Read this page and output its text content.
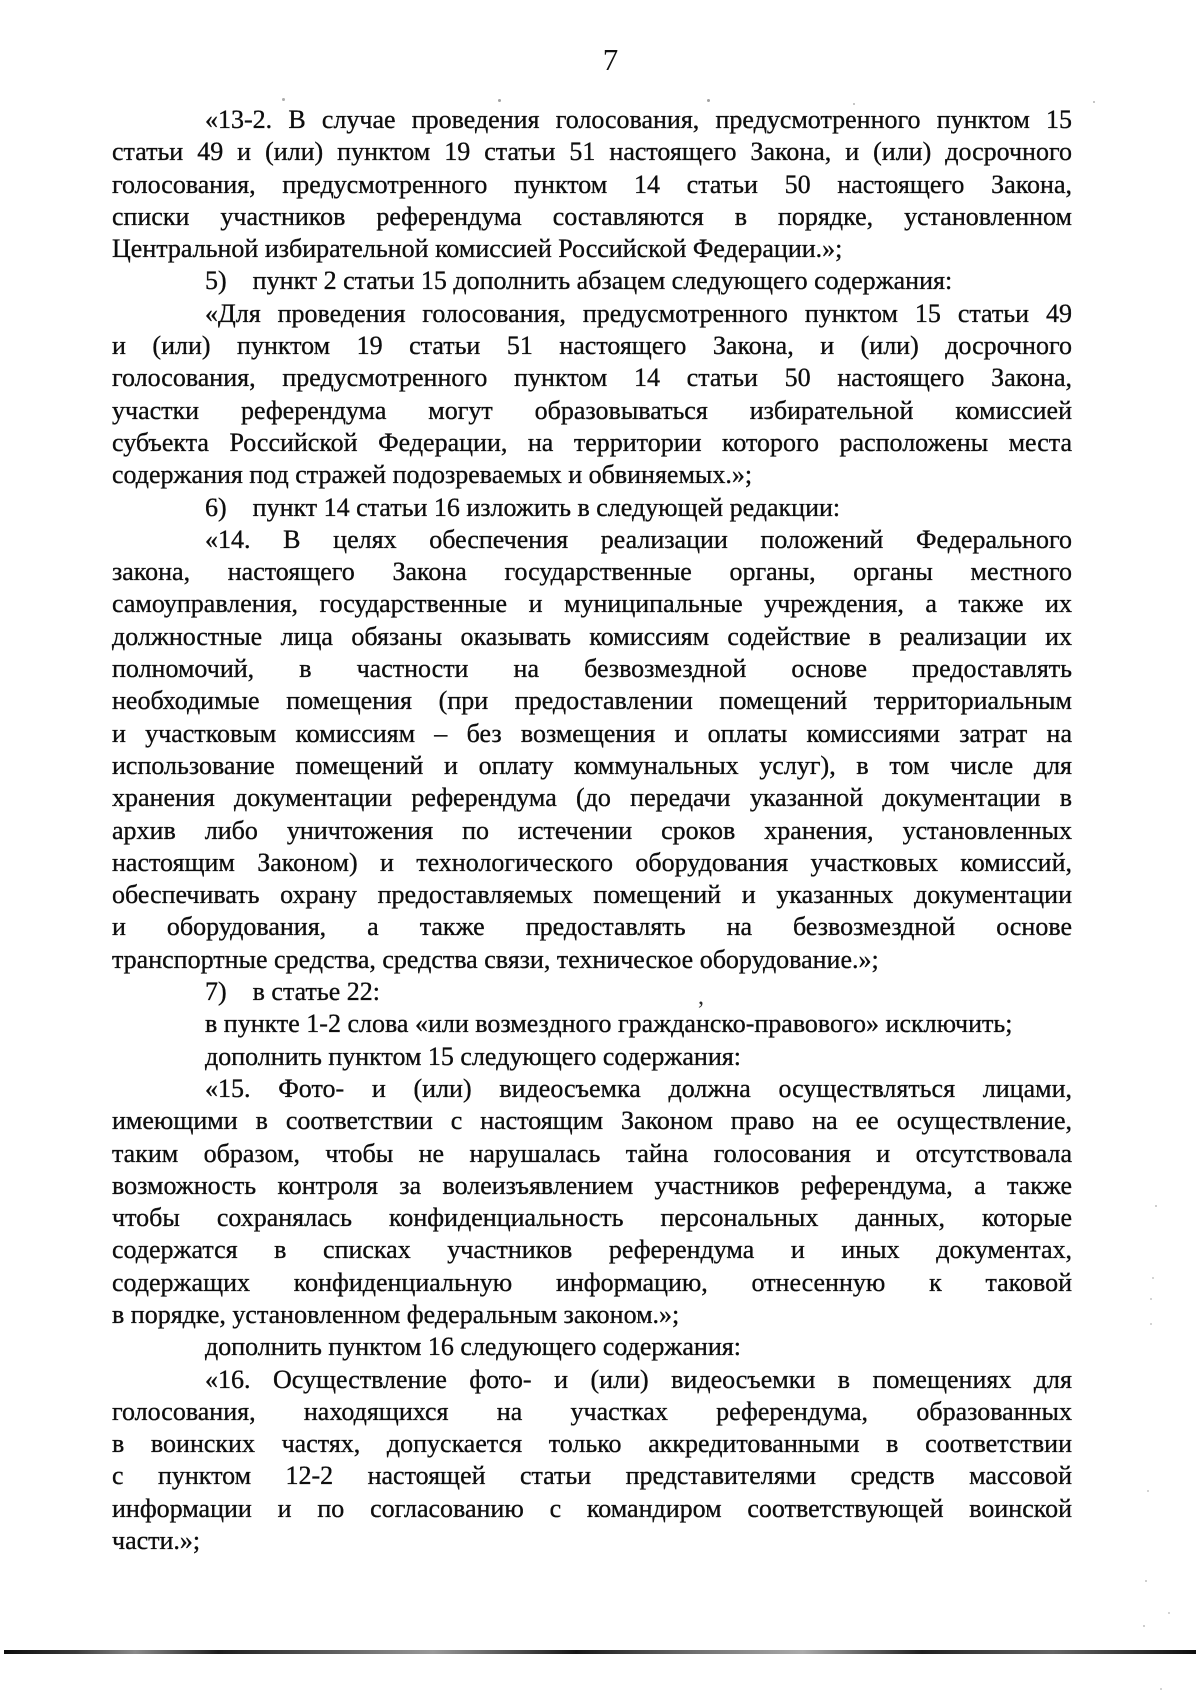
7
«13-2. В случае проведения голосования, предусмотренного пунктом 15
статьи 49 и (или) пунктом 19 статьи 51 настоящего Закона, и (или) досрочного
голосования, предусмотренного пунктом 14 статьи 50 настоящего Закона,
списки участников референдума составляются в порядке, установленном
Центральной избирательной комиссией Российской Федерации.»;
5) пункт 2 статьи 15 дополнить абзацем следующего содержания:
«Для проведения голосования, предусмотренного пунктом 15 статьи 49
и (или) пунктом 19 статьи 51 настоящего Закона, и (или) досрочного
голосования, предусмотренного пунктом 14 статьи 50 настоящего Закона,
участки референдума могут образовываться избирательной комиссией
субъекта Российской Федерации, на территории которого расположены места
содержания под стражей подозреваемых и обвиняемых.»;
6) пункт 14 статьи 16 изложить в следующей редакции:
«14. В целях обеспечения реализации положений Федерального
закона, настоящего Закона государственные органы, органы местного
самоуправления, государственные и муниципальные учреждения, а также их
должностные лица обязаны оказывать комиссиям содействие в реализации их
полномочий, в частности на безвозмездной основе предоставлять
необходимые помещения (при предоставлении помещений территориальным
и участковым комиссиям – без возмещения и оплаты комиссиями затрат на
использование помещений и оплату коммунальных услуг), в том числе для
хранения документации референдума (до передачи указанной документации в
архив либо уничтожения по истечении сроков хранения, установленных
настоящим Законом) и технологического оборудования участковых комиссий,
обеспечивать охрану предоставляемых помещений и указанных документации
и оборудования, а также предоставлять на безвозмездной основе
транспортные средства, средства связи, техническое оборудование.»;
7) в статье 22:
в пункте 1-2 слова «или возмездного гражданско-правового» исключить;
дополнить пунктом 15 следующего содержания:
«15. Фото- и (или) видеосъемка должна осуществляться лицами,
имеющими в соответствии с настоящим Законом право на ее осуществление,
таким образом, чтобы не нарушалась тайна голосования и отсутствовала
возможность контроля за волеизъявлением участников референдума, а также
чтобы сохранялась конфиденциальность персональных данных, которые
содержатся в списках участников референдума и иных документах,
содержащих конфиденциальную информацию, отнесенную к таковой
в порядке, установленном федеральным законом.»;
дополнить пунктом 16 следующего содержания:
«16. Осуществление фото- и (или) видеосъемки в помещениях для
голосования, находящихся на участках референдума, образованных
в воинских частях, допускается только аккредитованными в соответствии
с пунктом 12-2 настоящей статьи представителями средств массовой
информации и по согласованию с командиром соответствующей воинской
части.»;
,
